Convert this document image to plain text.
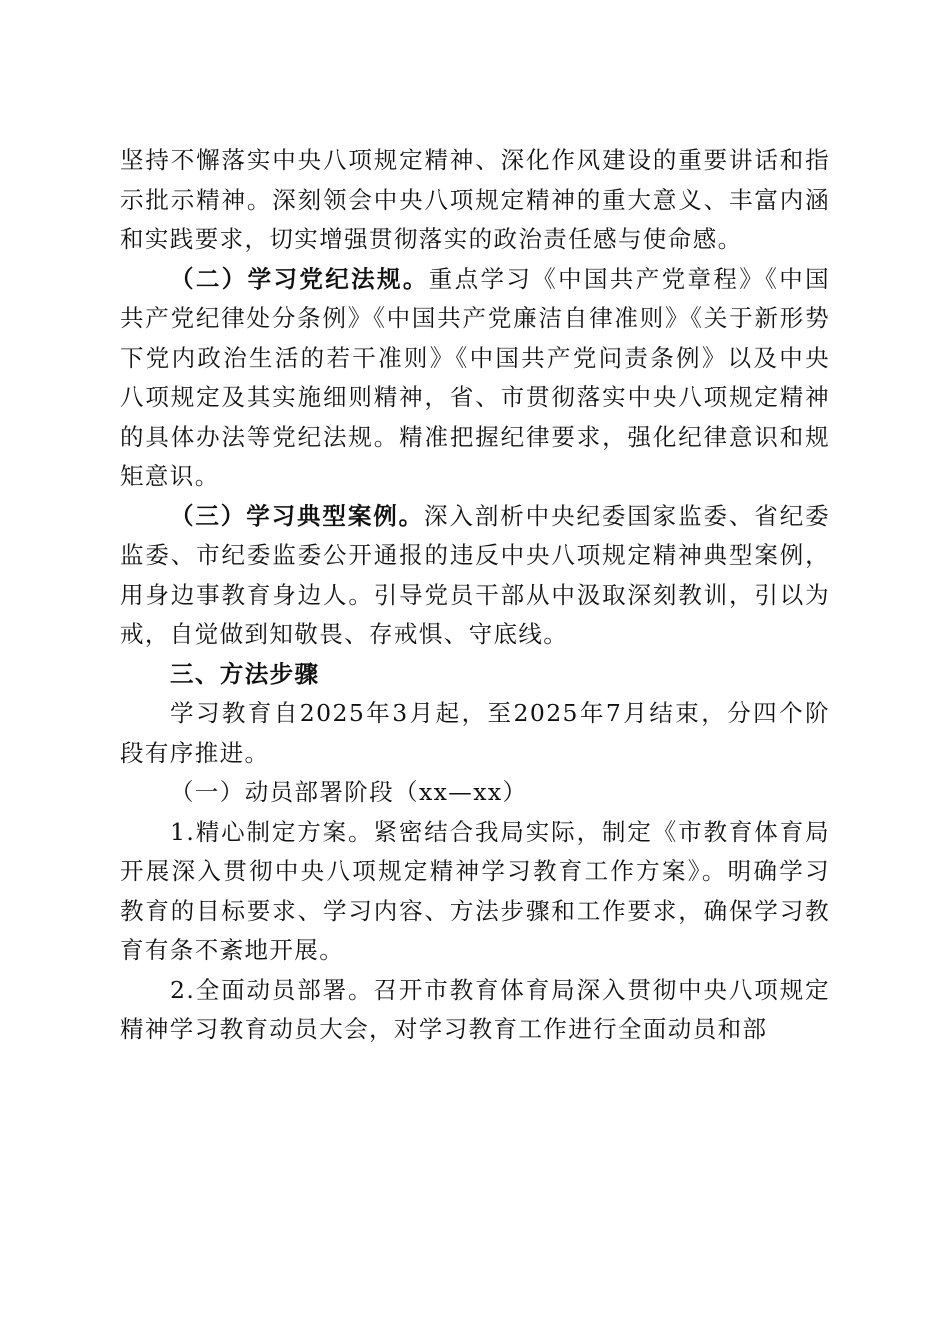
坚持不懈落实中央八项规定精神、深化作风建设的重要讲话和指示批示精神。深刻领会中央八项规定精神的重大意义、丰富内涵和实践要求，切实增强贯彻落实的政治责任感与使命感。

（二）学习党纪法规。重点学习《中国共产党章程》《中国共产党纪律处分条例》《中国共产党廉洁自律准则》《关于新形势下党内政治生活的若干准则》《中国共产党问责条例》以及中央八项规定及其实施细则精神，省、市贯彻落实中央八项规定精神的具体办法等党纪法规。精准把握纪律要求，强化纪律意识和规矩意识。

（三）学习典型案例。深入剖析中央纪委国家监委、省纪委监委、市纪委监委公开通报的违反中央八项规定精神典型案例，用身边事教育身边人。引导党员干部从中汲取深刻教训，引以为戒，自觉做到知敬畏、存戒惧、守底线。

三、方法步骤

学习教育自2025年3月起，至2025年7月结束，分四个阶段有序推进。

（一）动员部署阶段（xx—xx）

1.精心制定方案。紧密结合我局实际，制定《市教育体育局开展深入贯彻中央八项规定精神学习教育工作方案》。明确学习教育的目标要求、学习内容、方法步骤和工作要求，确保学习教育有条不紊地开展。

2.全面动员部署。召开市教育体育局深入贯彻中央八项规定精神学习教育动员大会，对学习教育工作进行全面动员和部
